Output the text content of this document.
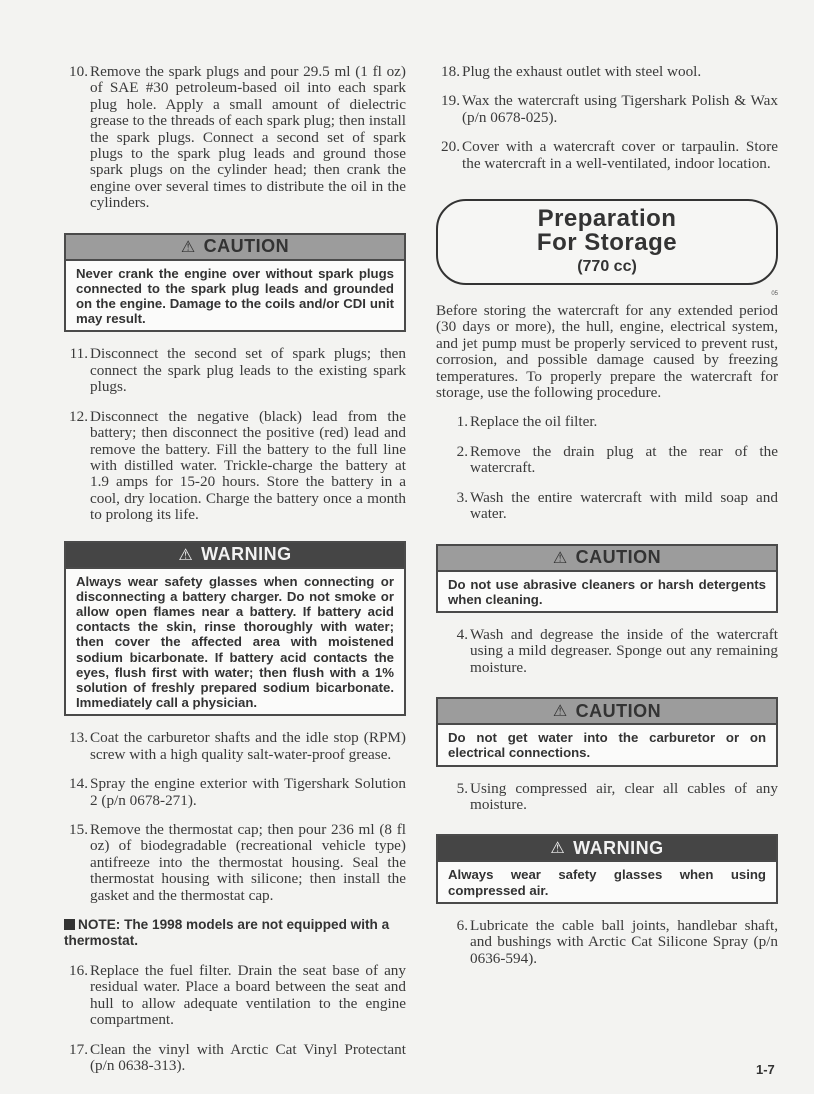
10. Remove the spark plugs and pour 29.5 ml (1 fl oz) of SAE #30 petroleum-based oil into each spark plug hole. Apply a small amount of dielectric grease to the threads of each spark plug; then install the spark plugs. Connect a second set of spark plugs to the spark plug leads and ground those spark plugs on the cylinder head; then crank the engine over several times to distribute the oil in the cylinders.
⚠ CAUTION
Never crank the engine over without spark plugs connected to the spark plug leads and grounded on the engine. Damage to the coils and/or CDI unit may result.
11. Disconnect the second set of spark plugs; then connect the spark plug leads to the existing spark plugs.
12. Disconnect the negative (black) lead from the battery; then disconnect the positive (red) lead and remove the battery. Fill the battery to the full line with distilled water. Trickle-charge the battery at 1.9 amps for 15-20 hours. Store the battery in a cool, dry location. Charge the battery once a month to prolong its life.
⚠ WARNING
Always wear safety glasses when connecting or disconnecting a battery charger. Do not smoke or allow open flames near a battery. If battery acid contacts the skin, rinse thoroughly with water; then cover the affected area with moistened sodium bicarbonate. If battery acid contacts the eyes, flush first with water; then flush with a 1% solution of freshly prepared sodium bicarbonate. Immediately call a physician.
13. Coat the carburetor shafts and the idle stop (RPM) screw with a high quality salt-water-proof grease.
14. Spray the engine exterior with Tigershark Solution 2 (p/n 0678-271).
15. Remove the thermostat cap; then pour 236 ml (8 fl oz) of biodegradable (recreational vehicle type) antifreeze into the thermostat housing. Seal the thermostat housing with silicone; then install the gasket and the thermostat cap.
NOTE: The 1998 models are not equipped with a thermostat.
16. Replace the fuel filter. Drain the seat base of any residual water. Place a board between the seat and hull to allow adequate ventilation to the engine compartment.
17. Clean the vinyl with Arctic Cat Vinyl Protectant (p/n 0638-313).
18. Plug the exhaust outlet with steel wool.
19. Wax the watercraft using Tigershark Polish & Wax (p/n 0678-025).
20. Cover with a watercraft cover or tarpaulin. Store the watercraft in a well-ventilated, indoor location.
Preparation
For Storage
(770 cc)
05
Before storing the watercraft for any extended period (30 days or more), the hull, engine, electrical system, and jet pump must be properly serviced to prevent rust, corrosion, and possible damage caused by freezing temperatures. To properly prepare the watercraft for storage, use the following procedure.
1. Replace the oil filter.
2. Remove the drain plug at the rear of the watercraft.
3. Wash the entire watercraft with mild soap and water.
⚠ CAUTION
Do not use abrasive cleaners or harsh detergents when cleaning.
4. Wash and degrease the inside of the watercraft using a mild degreaser. Sponge out any remaining moisture.
⚠ CAUTION
Do not get water into the carburetor or on electrical connections.
5. Using compressed air, clear all cables of any moisture.
⚠ WARNING
Always wear safety glasses when using compressed air.
6. Lubricate the cable ball joints, handlebar shaft, and bushings with Arctic Cat Silicone Spray (p/n 0636-594).
1-7
